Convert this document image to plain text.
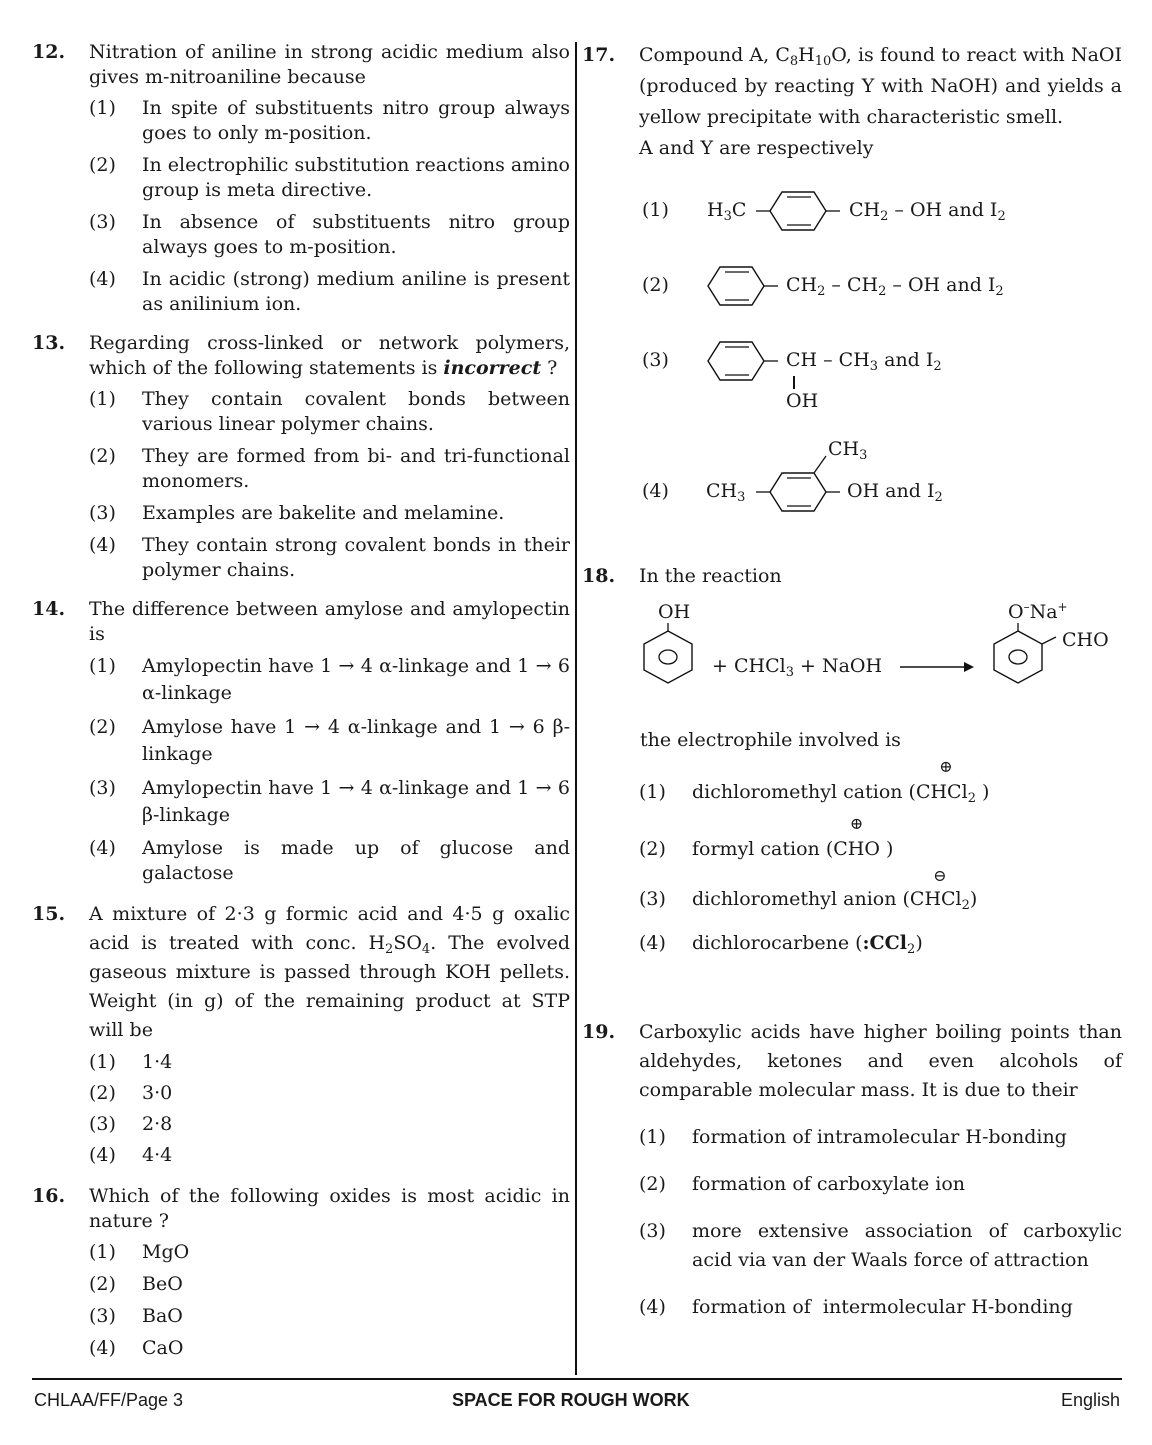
12. Nitration of aniline in strong acidic medium also gives m-nitroaniline because
(1) In spite of substituents nitro group always goes to only m-position.
(2) In electrophilic substitution reactions amino group is meta directive.
(3) In absence of substituents nitro group always goes to m-position.
(4) In acidic (strong) medium aniline is present as anilinium ion.
13. Regarding cross-linked or network polymers, which of the following statements is incorrect ?
(1) They contain covalent bonds between various linear polymer chains.
(2) They are formed from bi- and tri-functional monomers.
(3) Examples are bakelite and melamine.
(4) They contain strong covalent bonds in their polymer chains.
14. The difference between amylose and amylopectin is
(1) Amylopectin have 1 → 4 α-linkage and 1 → 6 α-linkage
(2) Amylose have 1 → 4 α-linkage and 1 → 6 β-linkage
(3) Amylopectin have 1 → 4 α-linkage and 1 → 6 β-linkage
(4) Amylose is made up of glucose and galactose
15. A mixture of 2·3 g formic acid and 4·5 g oxalic acid is treated with conc. $H_2SO_4$. The evolved gaseous mixture is passed through KOH pellets. Weight (in g) of the remaining product at STP will be
(1) 1·4
(2) 3·0
(3) 2·8
(4) 4·4
16. Which of the following oxides is most acidic in nature ?
(1) MgO
(2) BeO
(3) BaO
(4) CaO
17. Compound A, $C_8H_{10}O$, is found to react with NaOI (produced by reacting Y with NaOH) and yields a yellow precipitate with characteristic smell.
A and Y are respectively
(1) $H_3C$	$CH_2$ – OH and $I_2$
(2)	$CH_2 - CH_2$ – OH and $I_2$
(3)	CH – $CH_3$ and $I_2$
OH
(4)
$CH_3$
$CH_3$	OH and $I_2$
18. In the reaction
OH
+ CHCl$_3$ + NaOH →
O–Na+
CHO
the electrophile involved is
(1) dichloromethyl cation (
⊕
CHCl$_2$ )
(2) formyl cation (
⊕
CHO )
(3) dichloromethyl anion (
⊖
CHCl$_2$)
(4) dichlorocarbene (:CCl$_2$)
19. Carboxylic acids have higher boiling points than aldehydes, ketones and even alcohols of comparable molecular mass. It is due to their
(1) formation of intramolecular H-bonding
(2) formation of carboxylate ion
(3) more extensive association of carboxylic acid via van der Waals force of attraction
(4) formation of  intermolecular H-bonding
CHLAA/FF/Page 3	SPACE FOR ROUGH WORK	English
